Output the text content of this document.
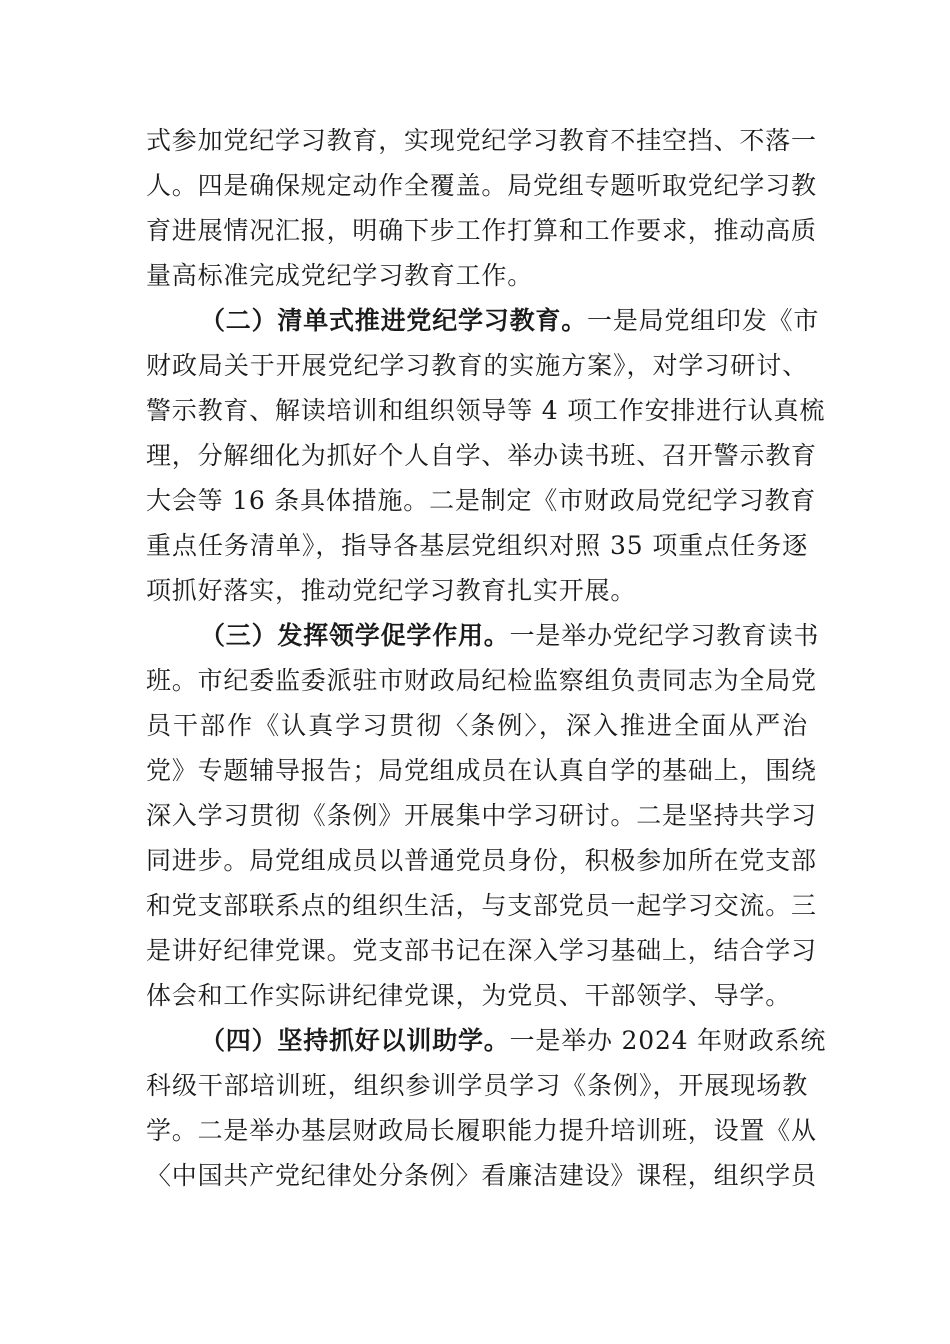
式参加党纪学习教育，实现党纪学习教育不挂空挡、不落一
人。四是确保规定动作全覆盖。局党组专题听取党纪学习教
育进展情况汇报，明确下步工作打算和工作要求，推动高质
量高标准完成党纪学习教育工作。
（二）清单式推进党纪学习教育。一是局党组印发《市
财政局关于开展党纪学习教育的实施方案》，对学习研讨、
警示教育、解读培训和组织领导等 4 项工作安排进行认真梳
理，分解细化为抓好个人自学、举办读书班、召开警示教育
大会等 16 条具体措施。二是制定《市财政局党纪学习教育
重点任务清单》，指导各基层党组织对照 35 项重点任务逐
项抓好落实，推动党纪学习教育扎实开展。
（三）发挥领学促学作用。一是举办党纪学习教育读书
班。市纪委监委派驻市财政局纪检监察组负责同志为全局党
员干部作《认真学习贯彻〈条例〉，深入推进全面从严治
党》专题辅导报告；局党组成员在认真自学的基础上，围绕
深入学习贯彻《条例》开展集中学习研讨。二是坚持共学习
同进步。局党组成员以普通党员身份，积极参加所在党支部
和党支部联系点的组织生活，与支部党员一起学习交流。三
是讲好纪律党课。党支部书记在深入学习基础上，结合学习
体会和工作实际讲纪律党课，为党员、干部领学、导学。
（四）坚持抓好以训助学。一是举办 2024 年财政系统
科级干部培训班，组织参训学员学习《条例》，开展现场教
学。二是举办基层财政局长履职能力提升培训班，设置《从
〈中国共产党纪律处分条例〉看廉洁建设》课程，组织学员
